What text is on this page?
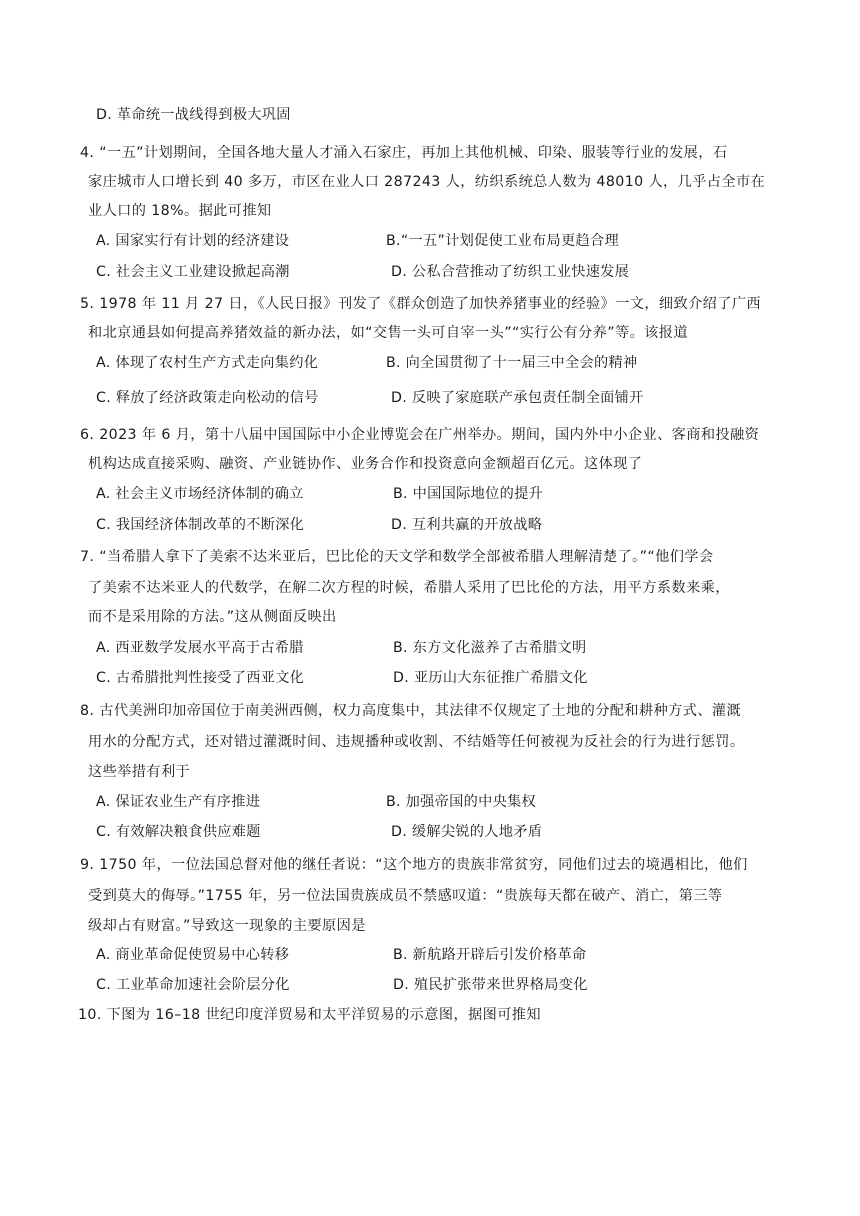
D. 革命统一战线得到极大巩固
4. “一五”计划期间，全国各地大量人才涌入石家庄，再加上其他机械、印染、服装等行业的发展，石
家庄城市人口增长到 40 多万，市区在业人口 287243 人，纺织系统总人数为 48010 人，几乎占全市在
业人口的 18%。据此可推知
A. 国家实行有计划的经济建设	B.“一五”计划促使工业布局更趋合理
C. 社会主义工业建设掀起高潮	D. 公私合营推动了纺织工业快速发展
5. 1978 年 11 月 27 日，《人民日报》刊发了《群众创造了加快养猪事业的经验》一文，细致介绍了广西
和北京通县如何提高养猪效益的新办法，如“交售一头可自宰一头”“实行公有分养”等。该报道
A. 体现了农村生产方式走向集约化	B. 向全国贯彻了十一届三中全会的精神
C. 释放了经济政策走向松动的信号	D. 反映了家庭联产承包责任制全面铺开
6. 2023 年 6 月，第十八届中国国际中小企业博览会在广州举办。期间，国内外中小企业、客商和投融资
机构达成直接采购、融资、产业链协作、业务合作和投资意向金额超百亿元。这体现了
A. 社会主义市场经济体制的确立	B. 中国国际地位的提升
C. 我国经济体制改革的不断深化	D. 互利共赢的开放战略
7. “当希腊人拿下了美索不达米亚后，巴比伦的天文学和数学全部被希腊人理解清楚了。”“他们学会
了美索不达米亚人的代数学，在解二次方程的时候，希腊人采用了巴比伦的方法，用平方系数来乘，
而不是采用除的方法。”这从侧面反映出
A. 西亚数学发展水平高于古希腊	B. 东方文化滋养了古希腊文明
C. 古希腊批判性接受了西亚文化	D. 亚历山大东征推广希腊文化
8. 古代美洲印加帝国位于南美洲西侧，权力高度集中，其法律不仅规定了土地的分配和耕种方式、灌溉
用水的分配方式，还对错过灌溉时间、违规播种或收割、不结婚等任何被视为反社会的行为进行惩罚。
这些举措有利于
A. 保证农业生产有序推进	B. 加强帝国的中央集权
C. 有效解决粮食供应难题	D. 缓解尖锐的人地矛盾
9. 1750 年，一位法国总督对他的继任者说：“这个地方的贵族非常贫穷，同他们过去的境遇相比，他们
受到莫大的侮辱。”1755 年，另一位法国贵族成员不禁感叹道：“贵族每天都在破产、消亡，第三等
级却占有财富。”导致这一现象的主要原因是
A. 商业革命促使贸易中心转移	B. 新航路开辟后引发价格革命
C. 工业革命加速社会阶层分化	D. 殖民扩张带来世界格局变化
10. 下图为 16–18 世纪印度洋贸易和太平洋贸易的示意图，据图可推知
